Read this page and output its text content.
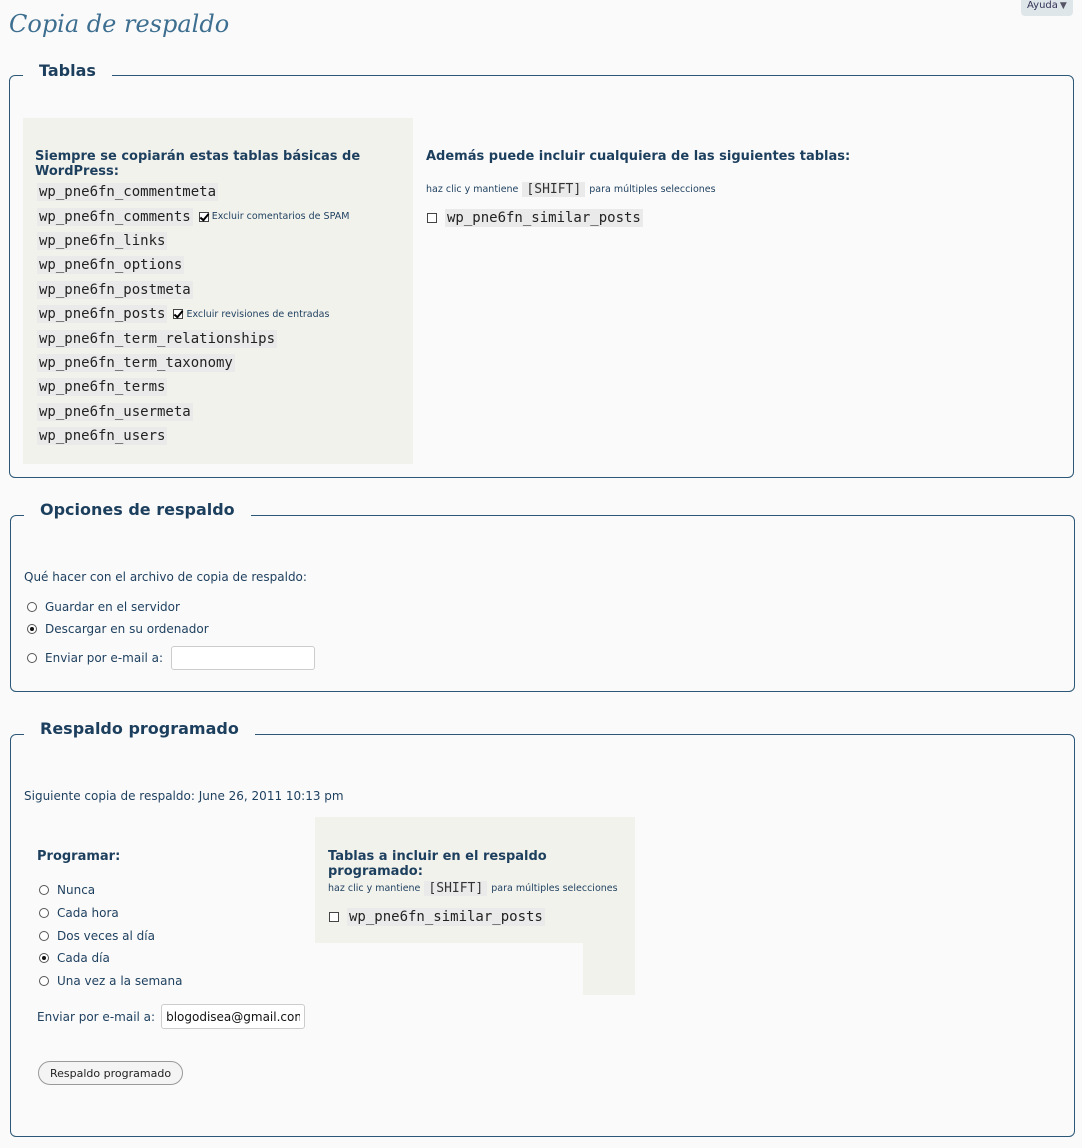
Copia de respaldo
Ayuda ▼
Tablas
Siempre se copiarán estas tablas básicas de WordPress:
wp_pne6fn_commentmeta
wp_pne6fn_comments Excluir comentarios de SPAM
wp_pne6fn_links
wp_pne6fn_options
wp_pne6fn_postmeta
wp_pne6fn_posts Excluir revisiones de entradas
wp_pne6fn_term_relationships
wp_pne6fn_term_taxonomy
wp_pne6fn_terms
wp_pne6fn_usermeta
wp_pne6fn_users
Además puede incluir cualquiera de las siguientes tablas:
haz clic y mantiene [SHIFT] para múltiples selecciones
wp_pne6fn_similar_posts
Opciones de respaldo
Qué hacer con el archivo de copia de respaldo:
Guardar en el servidor
Descargar en su ordenador
Enviar por e-mail a:
Respaldo programado
Siguiente copia de respaldo: June 26, 2011 10:13 pm
Programar:
Nunca
Cada hora
Dos veces al día
Cada día
Una vez a la semana
Enviar por e-mail a:
blogodisea@gmail.com
Respaldo programado
Tablas a incluir en el respaldo programado:
haz clic y mantiene [SHIFT] para múltiples selecciones
wp_pne6fn_similar_posts
